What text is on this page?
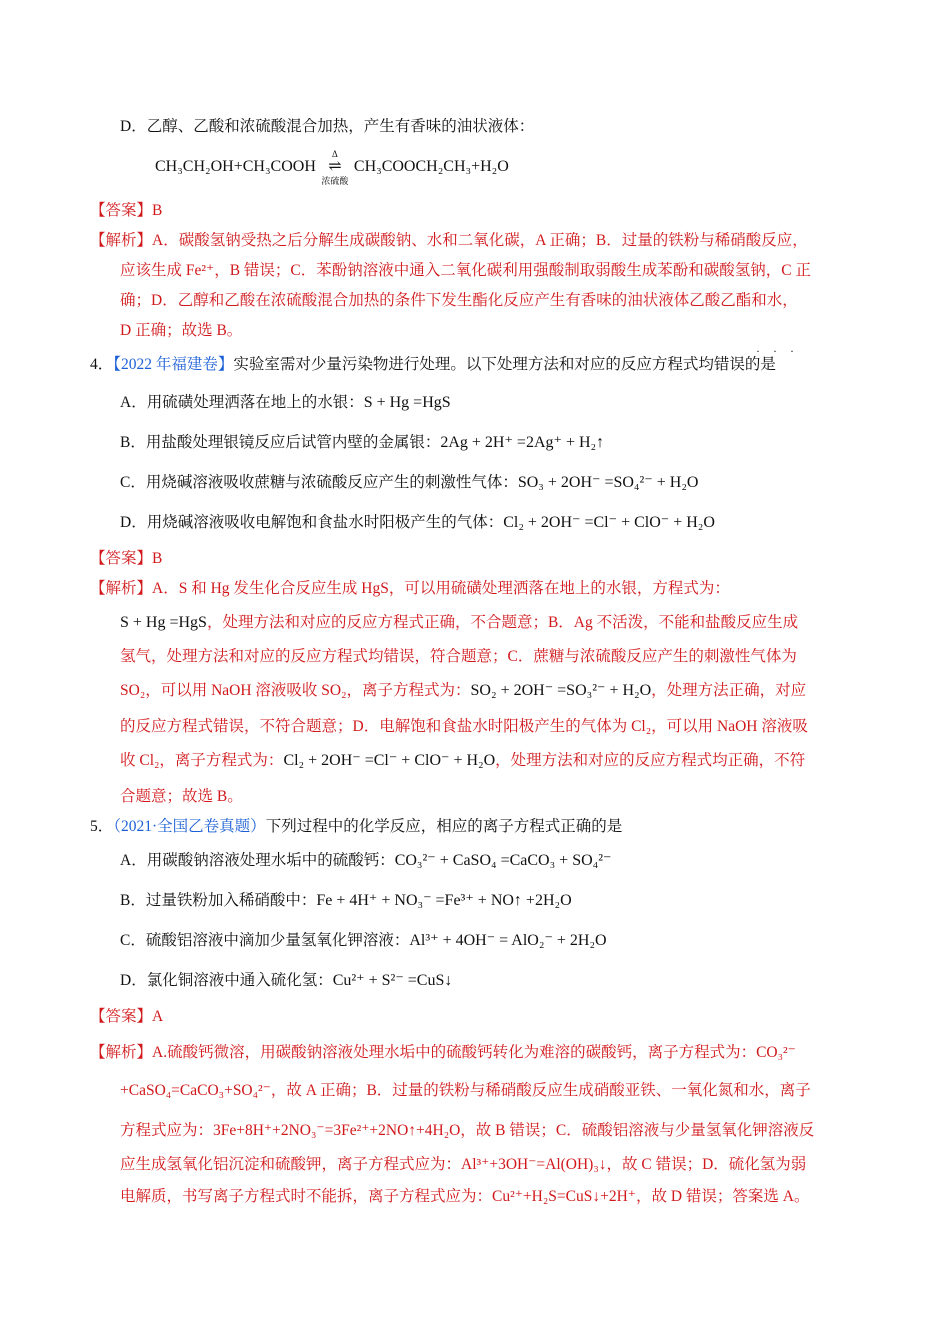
D．乙醇、乙酸和浓硫酸混合加热，产生有香味的油状液体：
CH₃CH₂OH+CH₃COOH
Δ
⇌
浓硫酸
CH₃COOCH₂CH₃+H₂O
【答案】B
【解析】A．碳酸氢钠受热之后分解生成碳酸钠、水和二氧化碳，A 正确；B．过量的铁粉与稀硝酸反应，
应该生成 Fe²⁺，B 错误；C．苯酚钠溶液中通入二氧化碳利用强酸制取弱酸生成苯酚和碳酸氢钠，C 正
确；D．乙醇和乙酸在浓硫酸混合加热的条件下发生酯化反应产生有香味的油状液体乙酸乙酯和水，
D 正确；故选 B。
4．【2022 年福建卷】实验室需对少量污染物进行处理。以下处理方法和对应的反应方程式均错误的是
· · ·
A．用硫磺处理洒落在地上的水银：S + Hg =HgS
B．用盐酸处理银镜反应后试管内壁的金属银：2Ag + 2H⁺ =2Ag⁺ + H₂↑
C．用烧碱溶液吸收蔗糖与浓硫酸反应产生的刺激性气体：SO₃ + 2OH⁻ =SO₄²⁻ + H₂O
D．用烧碱溶液吸收电解饱和食盐水时阳极产生的气体：Cl₂ + 2OH⁻ =Cl⁻ + ClO⁻ + H₂O
【答案】B
【解析】A．S 和 Hg 发生化合反应生成 HgS，可以用硫磺处理洒落在地上的水银，方程式为：
S + Hg =HgS，处理方法和对应的反应方程式正确，不合题意；B．Ag 不活泼，不能和盐酸反应生成
氢气，处理方法和对应的反应方程式均错误，符合题意；C．蔗糖与浓硫酸反应产生的刺激性气体为
SO₂，可以用 NaOH 溶液吸收 SO₂，离子方程式为：SO₂ + 2OH⁻ =SO₃²⁻ + H₂O，处理方法正确，对应
的反应方程式错误，不符合题意；D．电解饱和食盐水时阳极产生的气体为 Cl₂，可以用 NaOH 溶液吸
收 Cl₂，离子方程式为：Cl₂ + 2OH⁻ =Cl⁻ + ClO⁻ + H₂O，处理方法和对应的反应方程式均正确，不符
合题意；故选 B。
5．（2021·全国乙卷真题）下列过程中的化学反应，相应的离子方程式正确的是
A．用碳酸钠溶液处理水垢中的硫酸钙：CO₃²⁻ + CaSO₄ =CaCO₃ + SO₄²⁻
B．过量铁粉加入稀硝酸中：Fe + 4H⁺ + NO₃⁻ =Fe³⁺ + NO↑ +2H₂O
C．硫酸铝溶液中滴加少量氢氧化钾溶液：Al³⁺ + 4OH⁻ = AlO₂⁻ + 2H₂O
D．氯化铜溶液中通入硫化氢：Cu²⁺ + S²⁻ =CuS↓
【答案】A
【解析】A.硫酸钙微溶，用碳酸钠溶液处理水垢中的硫酸钙转化为难溶的碳酸钙，离子方程式为：CO₃²⁻
+CaSO₄=CaCO₃+SO₄²⁻，故 A 正确；B．过量的铁粉与稀硝酸反应生成硝酸亚铁、一氧化氮和水，离子
方程式应为：3Fe+8H⁺+2NO₃⁻=3Fe²⁺+2NO↑+4H₂O，故 B 错误；C．硫酸铝溶液与少量氢氧化钾溶液反
应生成氢氧化铝沉淀和硫酸钾，离子方程式应为：Al³⁺+3OH⁻=Al(OH)₃↓，故 C 错误；D．硫化氢为弱
电解质，书写离子方程式时不能拆，离子方程式应为：Cu²⁺+H₂S=CuS↓+2H⁺，故 D 错误；答案选 A。
